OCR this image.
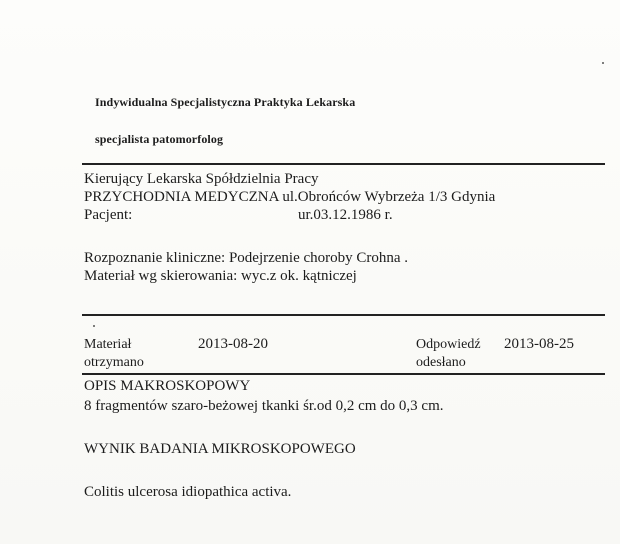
Indywidualna Specjalistyczna Praktyka Lekarska
specjalista patomorfolog
Kierujący Lekarska Spółdzielnia Pracy
PRZYCHODNIA MEDYCZNA ul.Obrońców Wybrzeża 1/3 Gdynia
Pacjent:	ur.03.12.1986 r.
Rozpoznanie kliniczne: Podejrzenie choroby Crohna .
Materiał wg skierowania: wyc.z ok. kątniczej
Materiał
otrzymano
2013-08-20	Odpowiedź
odesłano
2013-08-25
OPIS MAKROSKOPOWY
8 fragmentów szaro-beżowej tkanki śr.od 0,2 cm do 0,3 cm.
WYNIK BADANIA MIKROSKOPOWEGO
Colitis ulcerosa idiopathica activa.
